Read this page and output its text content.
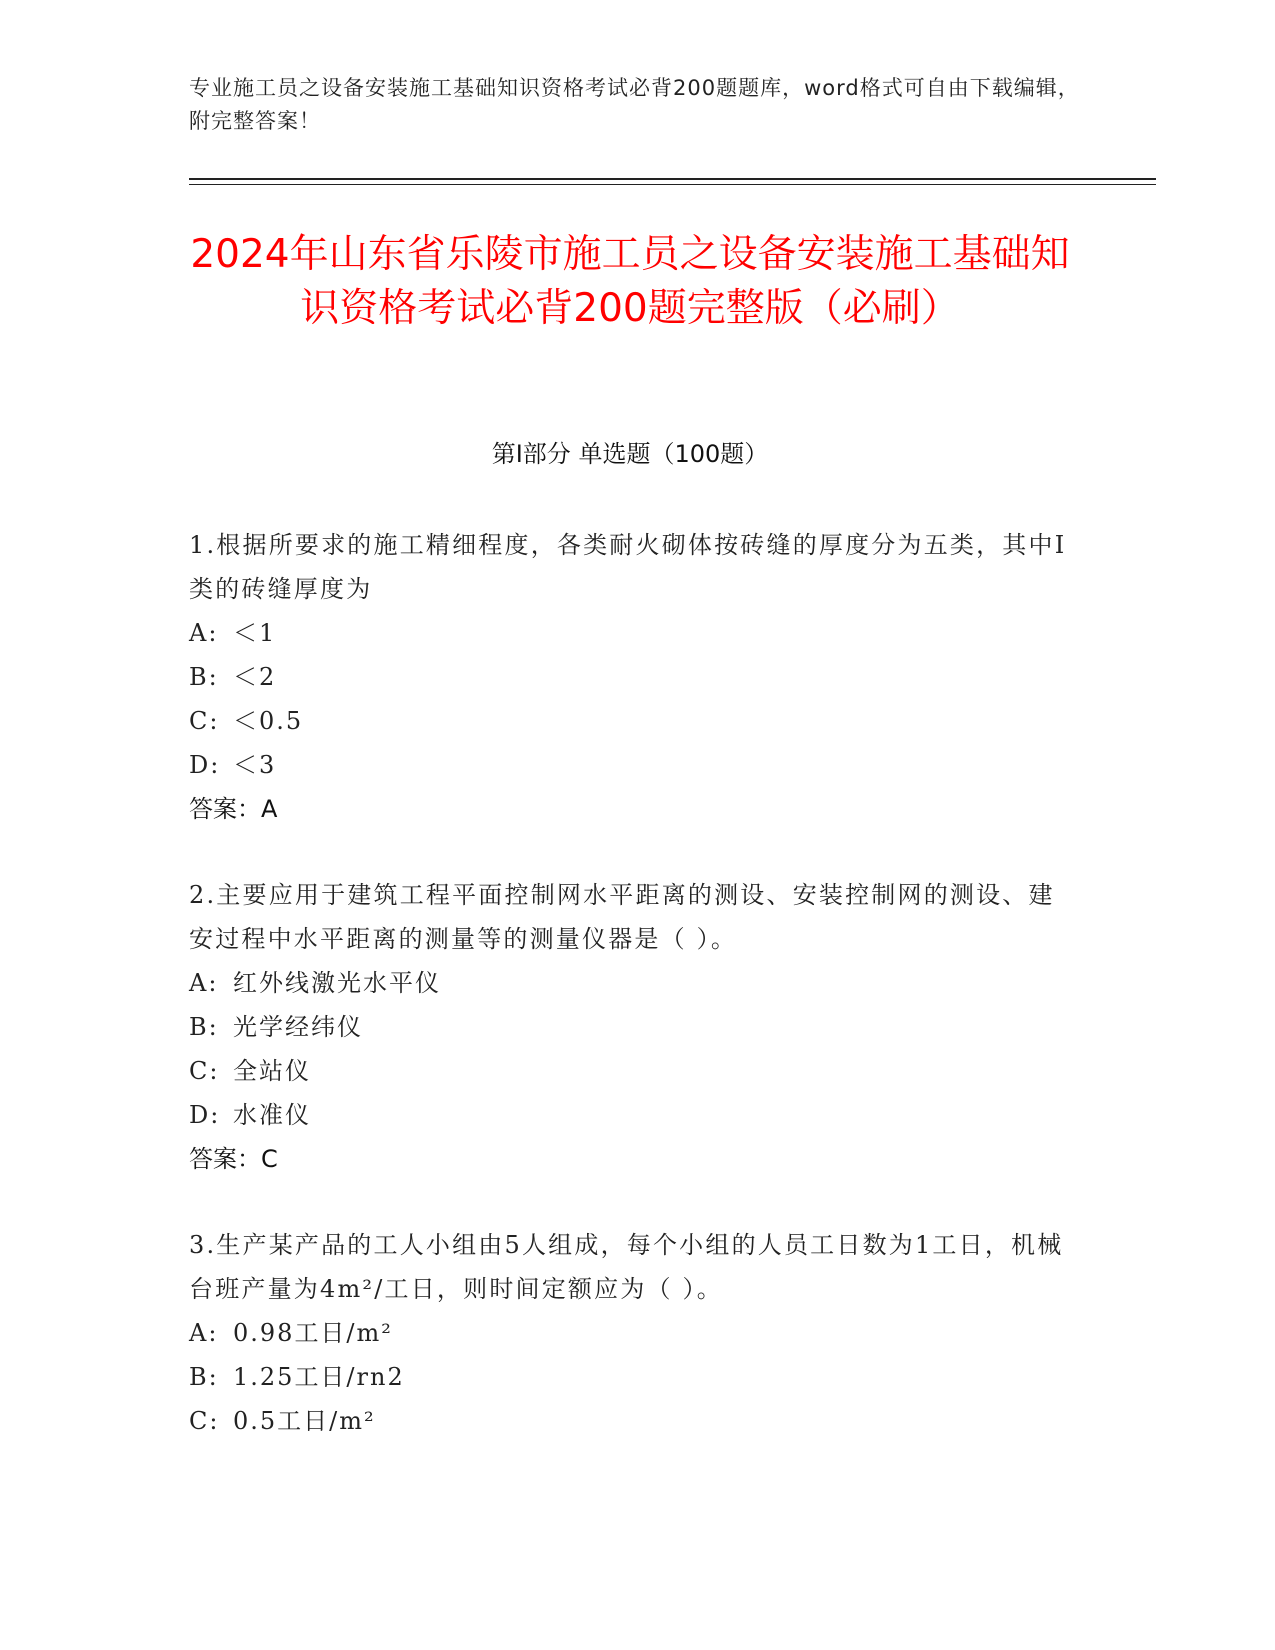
专业施工员之设备安装施工基础知识资格考试必背200题题库，word格式可自由下载编辑，附完整答案！
2024年山东省乐陵市施工员之设备安装施工基础知识资格考试必背200题完整版（必刷）
第Ⅰ部分 单选题（100题）
1.根据所要求的施工精细程度，各类耐火砌体按砖缝的厚度分为五类，其中Ⅰ类的砖缝厚度为
A: ＜1
B: ＜2
C: ＜0.5
D: ＜3
答案：A
2.主要应用于建筑工程平面控制网水平距离的测设、安装控制网的测设、建安过程中水平距离的测量等的测量仪器是（ ）。
A: 红外线激光水平仪
B: 光学经纬仪
C: 全站仪
D: 水准仪
答案：C
3.生产某产品的工人小组由5人组成，每个小组的人员工日数为1工日，机械台班产量为4m²/工日，则时间定额应为（ ）。
A: 0.98工日/m²
B: 1.25工日/rn2
C: 0.5工日/m²
